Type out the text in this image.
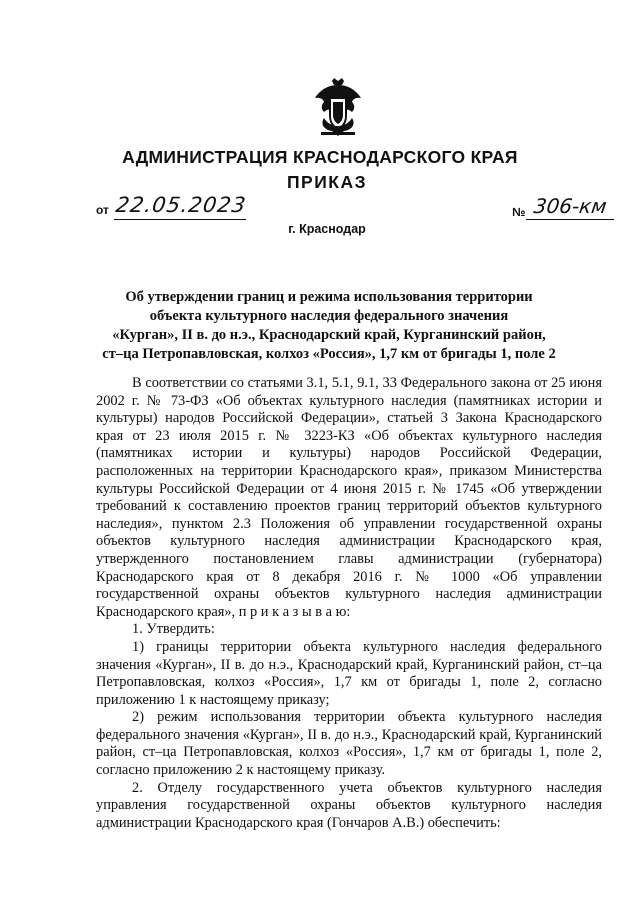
АДМИНИСТРАЦИЯ КРАСНОДАРСКОГО КРАЯ
ПРИКАЗ
от 22.05.2023	№ 306-км
г. Краснодар
Об утверждении границ и режима использования территории
объекта культурного наследия федерального значения
«Курган», II в. до н.э., Краснодарский край, Курганинский район,
ст–ца Петропавловская, колхоз «Россия», 1,7 км от бригады 1, поле 2

В соответствии со статьями 3.1, 5.1, 9.1, 33 Федерального закона от 25 июня 2002 г. № 73-ФЗ «Об объектах культурного наследия (памятниках истории и культуры) народов Российской Федерации», статьей 3 Закона Краснодарского края от 23 июля 2015 г. № 3223-КЗ «Об объектах культурного наследия (памятниках истории и культуры) народов Российской Федерации, расположенных на территории Краснодарского края», приказом Министерства культуры Российской Федерации от 4 июня 2015 г. № 1745 «Об утверждении требований к составлению проектов границ территорий объектов культурного наследия», пунктом 2.3 Положения об управлении государственной охраны объектов культурного наследия администрации Краснодарского края, утвержденного постановлением главы администрации (губернатора) Краснодарского края от 8 декабря 2016 г. № 1000 «Об управлении государственной охраны объектов культурного наследия администрации Краснодарского края», п р и к а з ы в а ю:

1. Утвердить:

1) границы территории объекта культурного наследия федерального значения «Курган», II в. до н.э., Краснодарский край, Курганинский район, ст–ца Петропавловская, колхоз «Россия», 1,7 км от бригады 1, поле 2, согласно приложению 1 к настоящему приказу;

2) режим использования территории объекта культурного наследия федерального значения «Курган», II в. до н.э., Краснодарский край, Курганинский район, ст–ца Петропавловская, колхоз «Россия», 1,7 км от бригады 1, поле 2, согласно приложению 2 к настоящему приказу.

2. Отделу государственного учета объектов культурного наследия управления государственной охраны объектов культурного наследия администрации Краснодарского края (Гончаров А.В.) обеспечить:
